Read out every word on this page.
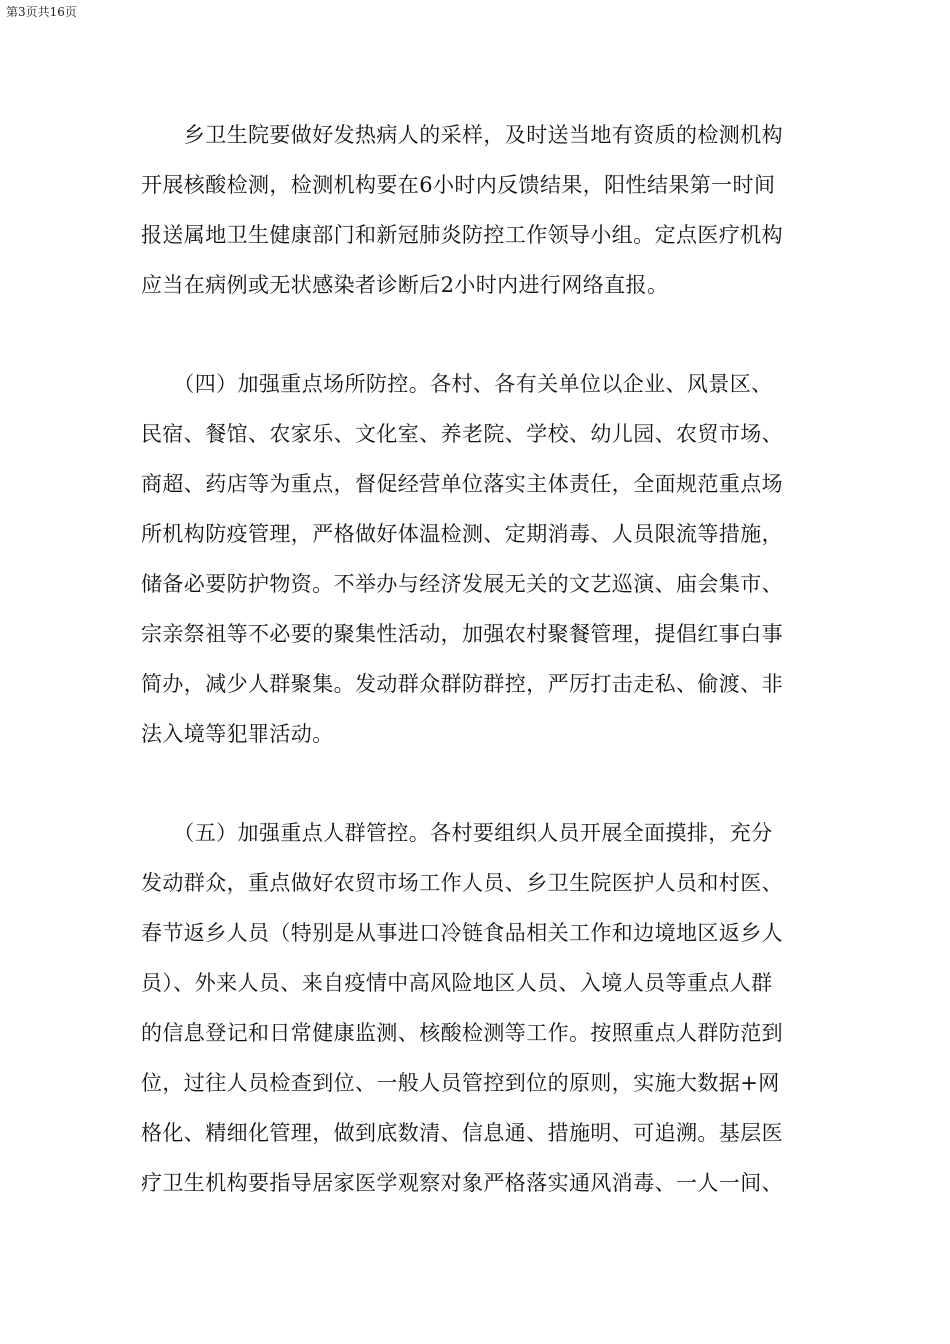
第3页共16页
　　乡卫生院要做好发热病人的采样，及时送当地有资质的检测机构
开展核酸检测，检测机构要在6小时内反馈结果，阳性结果第一时间
报送属地卫生健康部门和新冠肺炎防控工作领导小组。定点医疗机构
应当在病例或无状感染者诊断后2小时内进行网络直报。
　　（四）加强重点场所防控。各村、各有关单位以企业、风景区、
民宿、餐馆、农家乐、文化室、养老院、学校、幼儿园、农贸市场、
商超、药店等为重点，督促经营单位落实主体责任，全面规范重点场
所机构防疫管理，严格做好体温检测、定期消毒、人员限流等措施，
储备必要防护物资。不举办与经济发展无关的文艺巡演、庙会集市、
宗亲祭祖等不必要的聚集性活动，加强农村聚餐管理，提倡红事白事
简办，减少人群聚集。发动群众群防群控，严厉打击走私、偷渡、非
法入境等犯罪活动。
　　（五）加强重点人群管控。各村要组织人员开展全面摸排，充分
发动群众，重点做好农贸市场工作人员、乡卫生院医护人员和村医、
春节返乡人员（特别是从事进口冷链食品相关工作和边境地区返乡人
员）、外来人员、来自疫情中高风险地区人员、入境人员等重点人群
的信息登记和日常健康监测、核酸检测等工作。按照重点人群防范到
位，过往人员检查到位、一般人员管控到位的原则，实施大数据+网
格化、精细化管理，做到底数清、信息通、措施明、可追溯。基层医
疗卫生机构要指导居家医学观察对象严格落实通风消毒、一人一间、
